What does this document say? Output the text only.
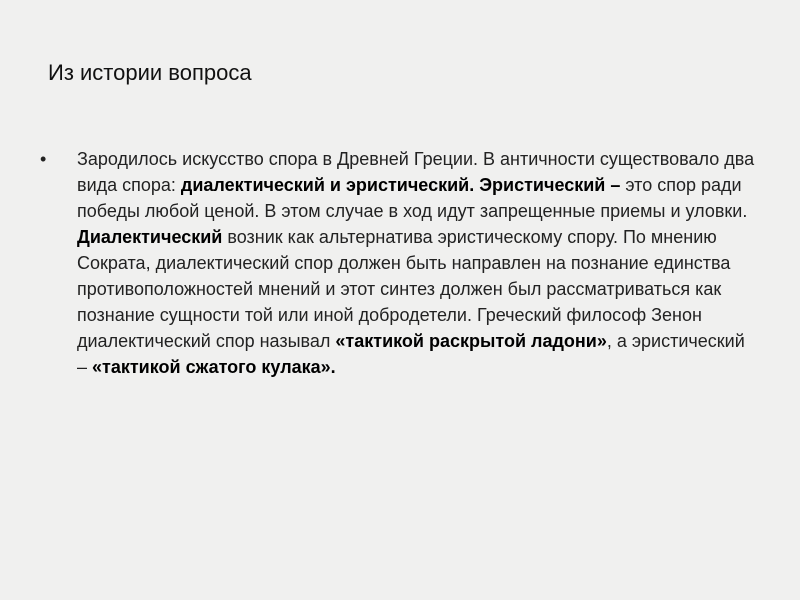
Из истории вопроса
• Зародилось искусство спора в Древней Греции. В античности существовало два вида спора: диалектический и эристический. Эристический – это спор ради победы любой ценой. В этом случае в ход идут запрещенные приемы и уловки. Диалектический возник как альтернатива эристическому спору. По мнению Сократа, диалектический спор должен быть направлен на познание единства противоположностей мнений и этот синтез должен был рассматриваться как познание сущности той или иной добродетели. Греческий философ Зенон диалектический спор называл «тактикой раскрытой ладони», а эристический – «тактикой сжатого кулака».
